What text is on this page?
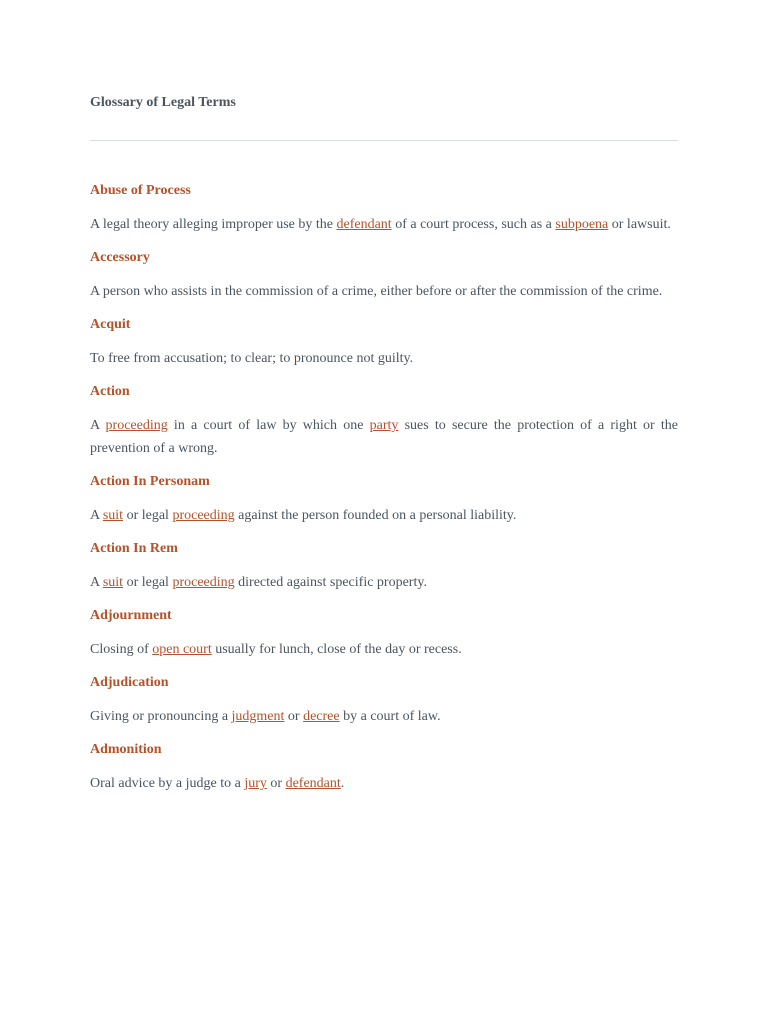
Glossary of Legal Terms
Abuse of Process

A legal theory alleging improper use by the defendant of a court process, such as a subpoena or lawsuit.

Accessory

A person who assists in the commission of a crime, either before or after the commission of the crime.

Acquit

To free from accusation; to clear; to pronounce not guilty.

Action

A proceeding in a court of law by which one party sues to secure the protection of a right or the prevention of a wrong.

Action In Personam

A suit or legal proceeding against the person founded on a personal liability.

Action In Rem

A suit or legal proceeding directed against specific property.

Adjournment

Closing of open court usually for lunch, close of the day or recess.

Adjudication

Giving or pronouncing a judgment or decree by a court of law.

Admonition

Oral advice by a judge to a jury or defendant.
